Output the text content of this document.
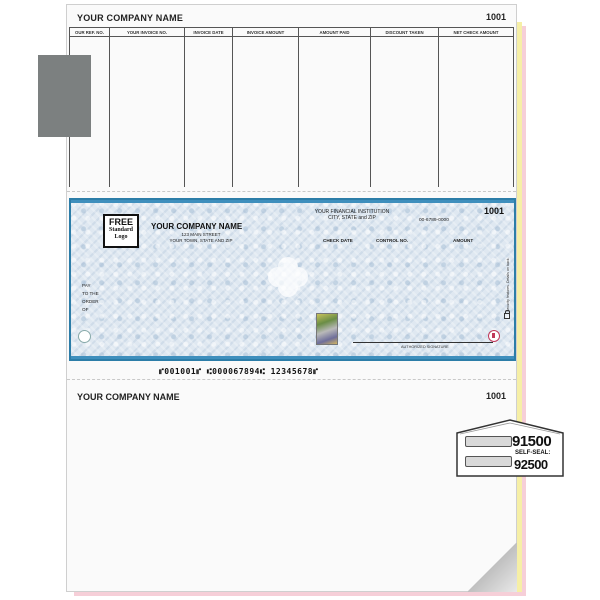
YOUR COMPANY NAME	1001
OUR REF. NO.	YOUR INVOICE NO.	INVOICE DATE	INVOICE AMOUNT	AMOUNT PAID	DISCOUNT TAKEN	NET CHECK AMOUNT

FREE
Standard Logo
YOUR COMPANY NAME
123 MAIN STREET
YOUR TOWN, STATE AND ZIP
YOUR FINANCIAL INSTITUTION
CITY, STATE and ZIP	00-6789-0000
1001
CHECK DATE	CONTROL NO.	AMOUNT
PAY
TO THE
ORDER
OF	Security features. Details on back.
AUTHORIZED SIGNATURE
⑈001001⑈ ⑆000067894⑆ 12345678⑈
YOUR COMPANY NAME	1001
91500
SELF-SEAL:
92500
